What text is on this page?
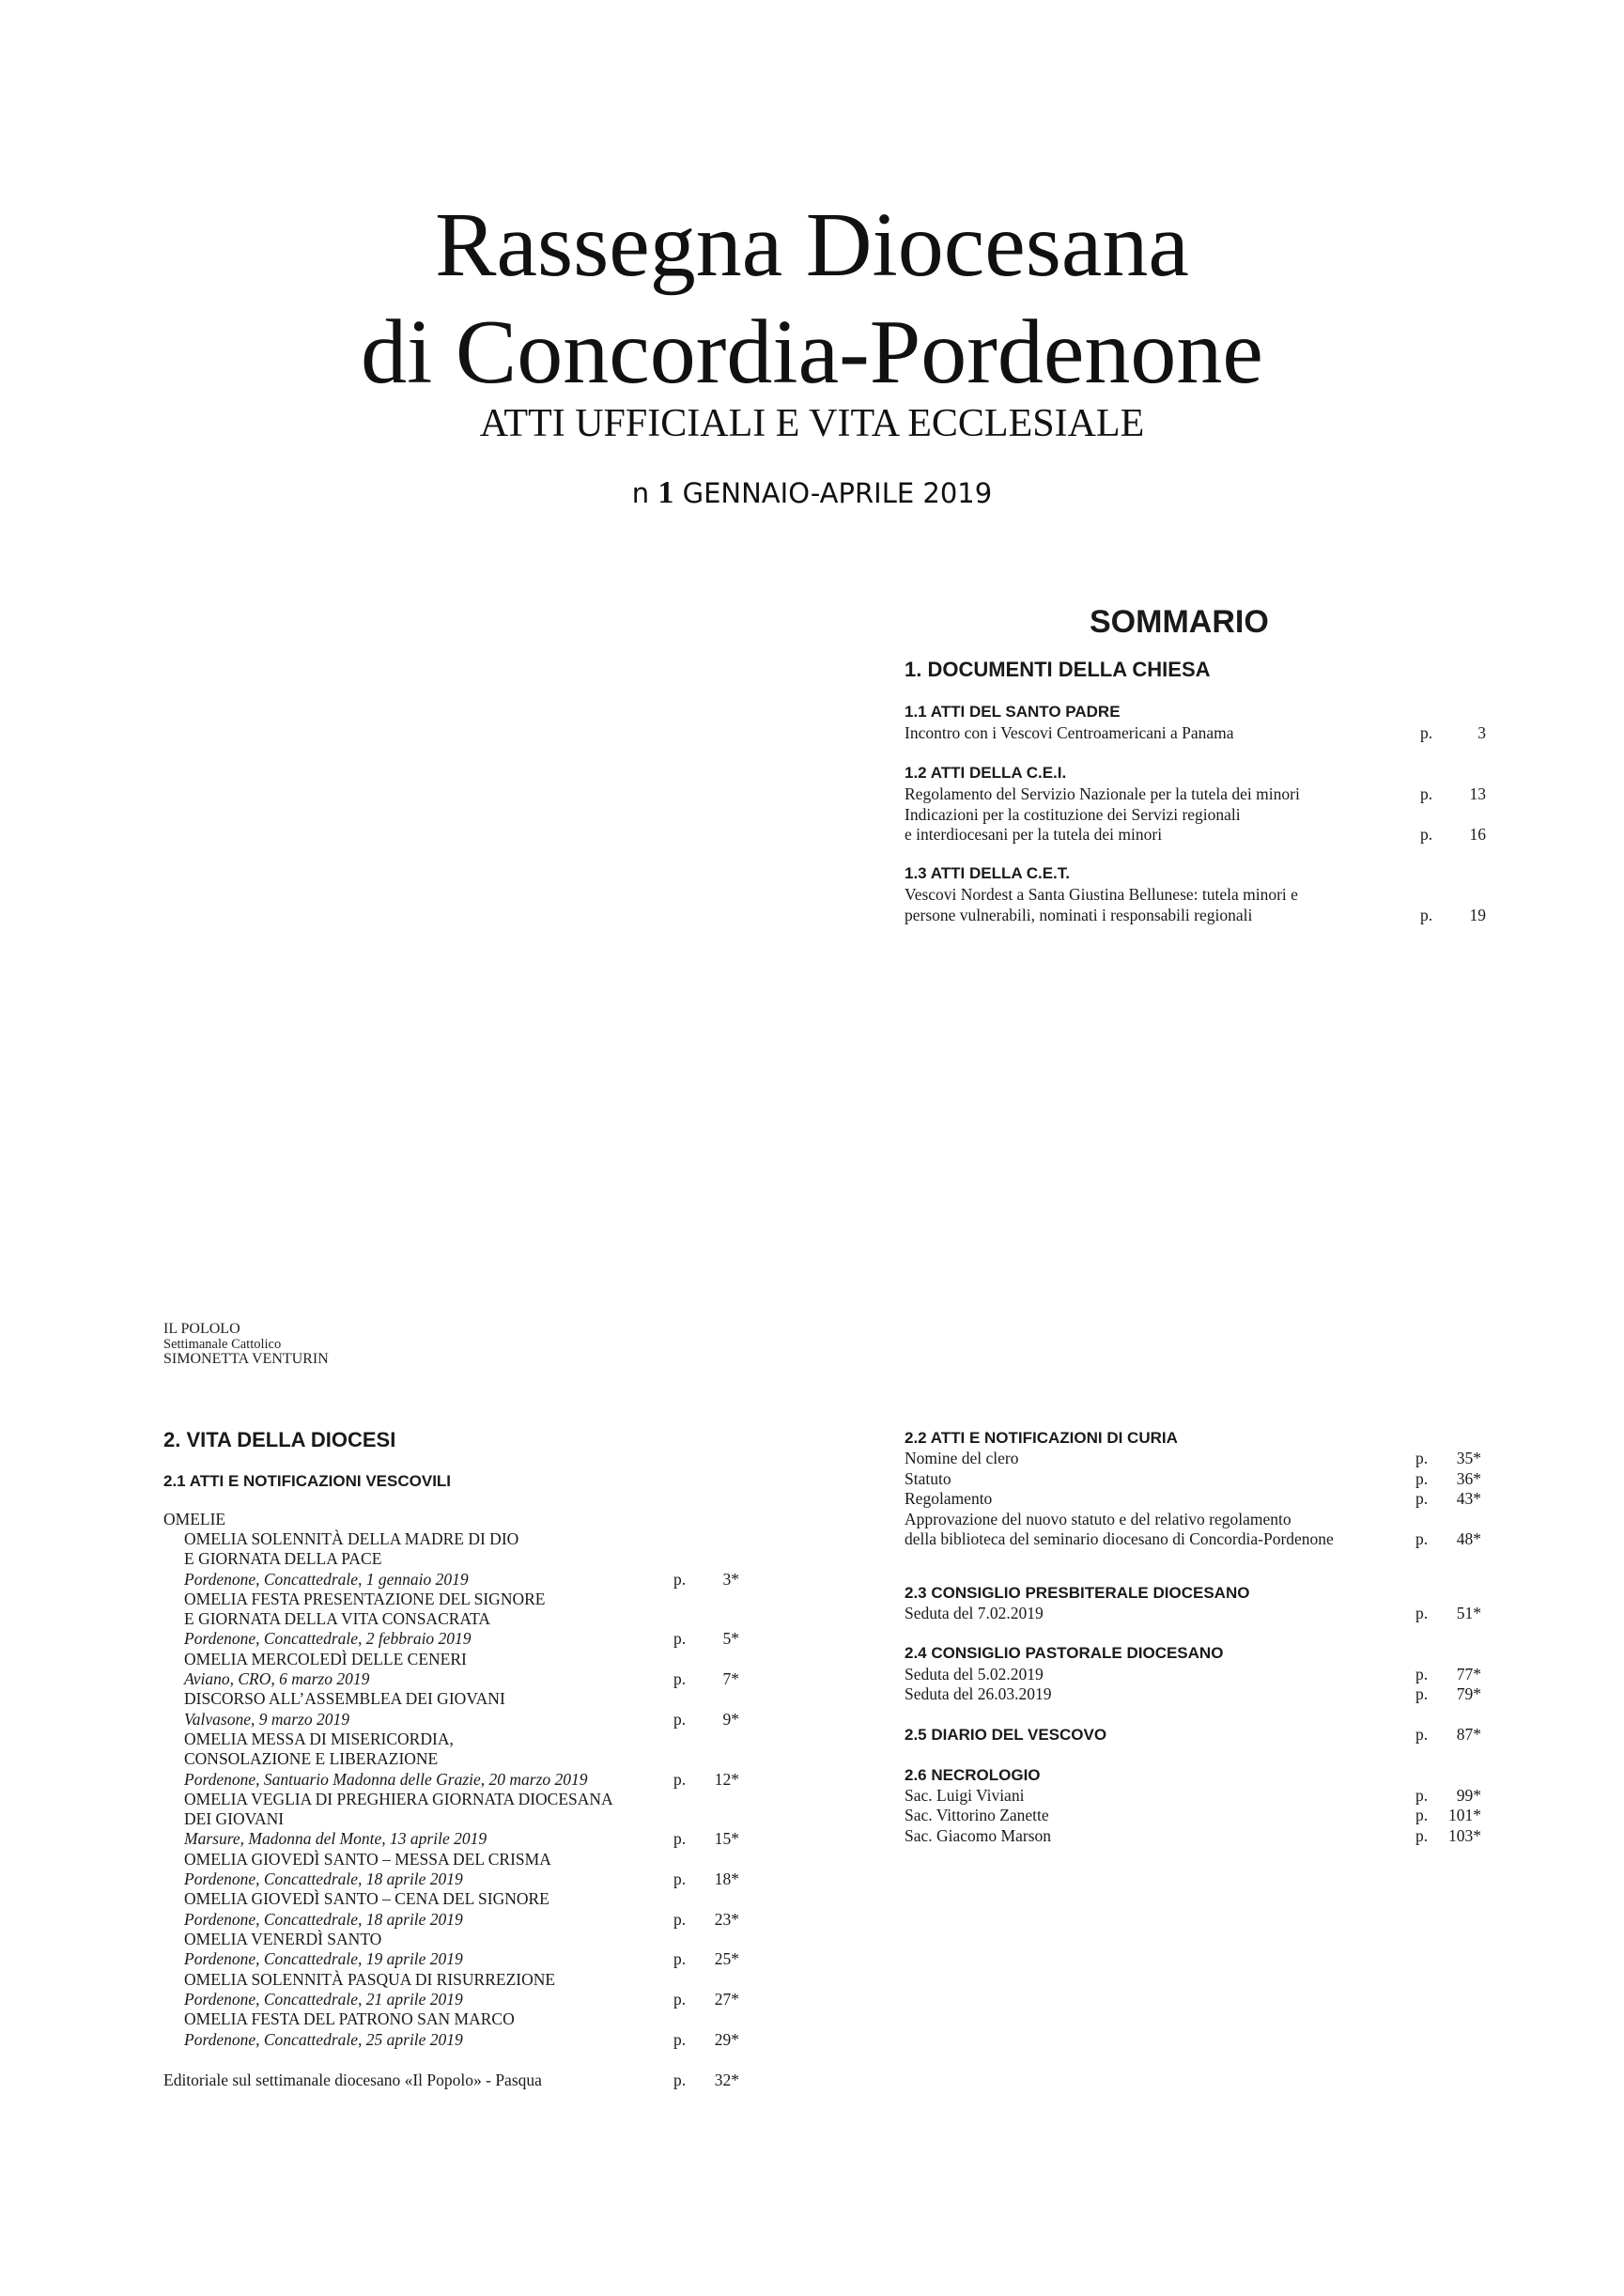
Rassegna Diocesana
di Concordia-Pordenone
ATTI UFFICIALI E VITA ECCLESIALE
n 1 GENNAIO-APRILE 2019
SOMMARIO
1. DOCUMENTI DELLA CHIESA
1.1 ATTI DEL SANTO PADRE
Incontro con i Vescovi Centroamericani a Panama	p.	3
1.2 ATTI DELLA C.E.I.
Regolamento del Servizio Nazionale per la tutela dei minori	p. 13
Indicazioni per la costituzione dei Servizi regionali
e interdiocesani per la tutela dei minori	p. 16
1.3 ATTI DELLA C.E.T.
Vescovi Nordest a Santa Giustina Bellunese: tutela minori e
persone vulnerabili, nominati i responsabili regionali	p. 19
IL POLOLO
Settimanale Cattolico
SIMONETTA VENTURIN
2. VITA DELLA DIOCESI
2.1 ATTI E NOTIFICAZIONI VESCOVILI
OMELIE
OMELIA SOLENNITÀ DELLA MADRE DI DIO
E GIORNATA DELLA PACE
Pordenone, Concattedrale, 1 gennaio 2019	p. 3*
OMELIA FESTA PRESENTAZIONE DEL SIGNORE
E GIORNATA DELLA VITA CONSACRATA
Pordenone, Concattedrale, 2 febbraio 2019	p. 5*
OMELIA MERCOLEDÌ DELLE CENERI
Aviano, CRO, 6 marzo 2019	p. 7*
DISCORSO ALL’ASSEMBLEA DEI GIOVANI
Valvasone, 9 marzo 2019	p. 9*
OMELIA MESSA DI MISERICORDIA,
CONSOLAZIONE E LIBERAZIONE
Pordenone, Santuario Madonna delle Grazie, 20 marzo 2019	p. 12*
OMELIA VEGLIA DI PREGHIERA GIORNATA DIOCESANA
DEI GIOVANI
Marsure, Madonna del Monte, 13 aprile 2019	p. 15*
OMELIA GIOVEDÌ SANTO – MESSA DEL CRISMA
Pordenone, Concattedrale, 18 aprile 2019	p. 18*
OMELIA GIOVEDÌ SANTO – CENA DEL SIGNORE
Pordenone, Concattedrale, 18 aprile 2019	p. 23*
OMELIA VENERDÌ SANTO
Pordenone, Concattedrale, 19 aprile 2019	p. 25*
OMELIA SOLENNITÀ PASQUA DI RISURREZIONE
Pordenone, Concattedrale, 21 aprile 2019	p. 27*
OMELIA FESTA DEL PATRONO SAN MARCO
Pordenone, Concattedrale, 25 aprile 2019	p. 29*
Editoriale sul settimanale diocesano «Il Popolo» - Pasqua	p. 32*
2.2 ATTI E NOTIFICAZIONI DI CURIA
Nomine del clero	p. 35*
Statuto	p. 36*
Regolamento	p. 43*
Approvazione del nuovo statuto e del relativo regolamento
della biblioteca del seminario diocesano di Concordia-Pordenone	p. 48*
2.3 CONSIGLIO PRESBITERALE DIOCESANO
Seduta del 7.02.2019	p. 51*
2.4 CONSIGLIO PASTORALE DIOCESANO
Seduta del 5.02.2019	p. 77*
Seduta del 26.03.2019	p. 79*
2.5 DIARIO DEL VESCOVO	p. 87*
2.6 NECROLOGIO
Sac. Luigi Viviani	p. 99*
Sac. Vittorino Zanette	p. 101*
Sac. Giacomo Marson	p. 103*
